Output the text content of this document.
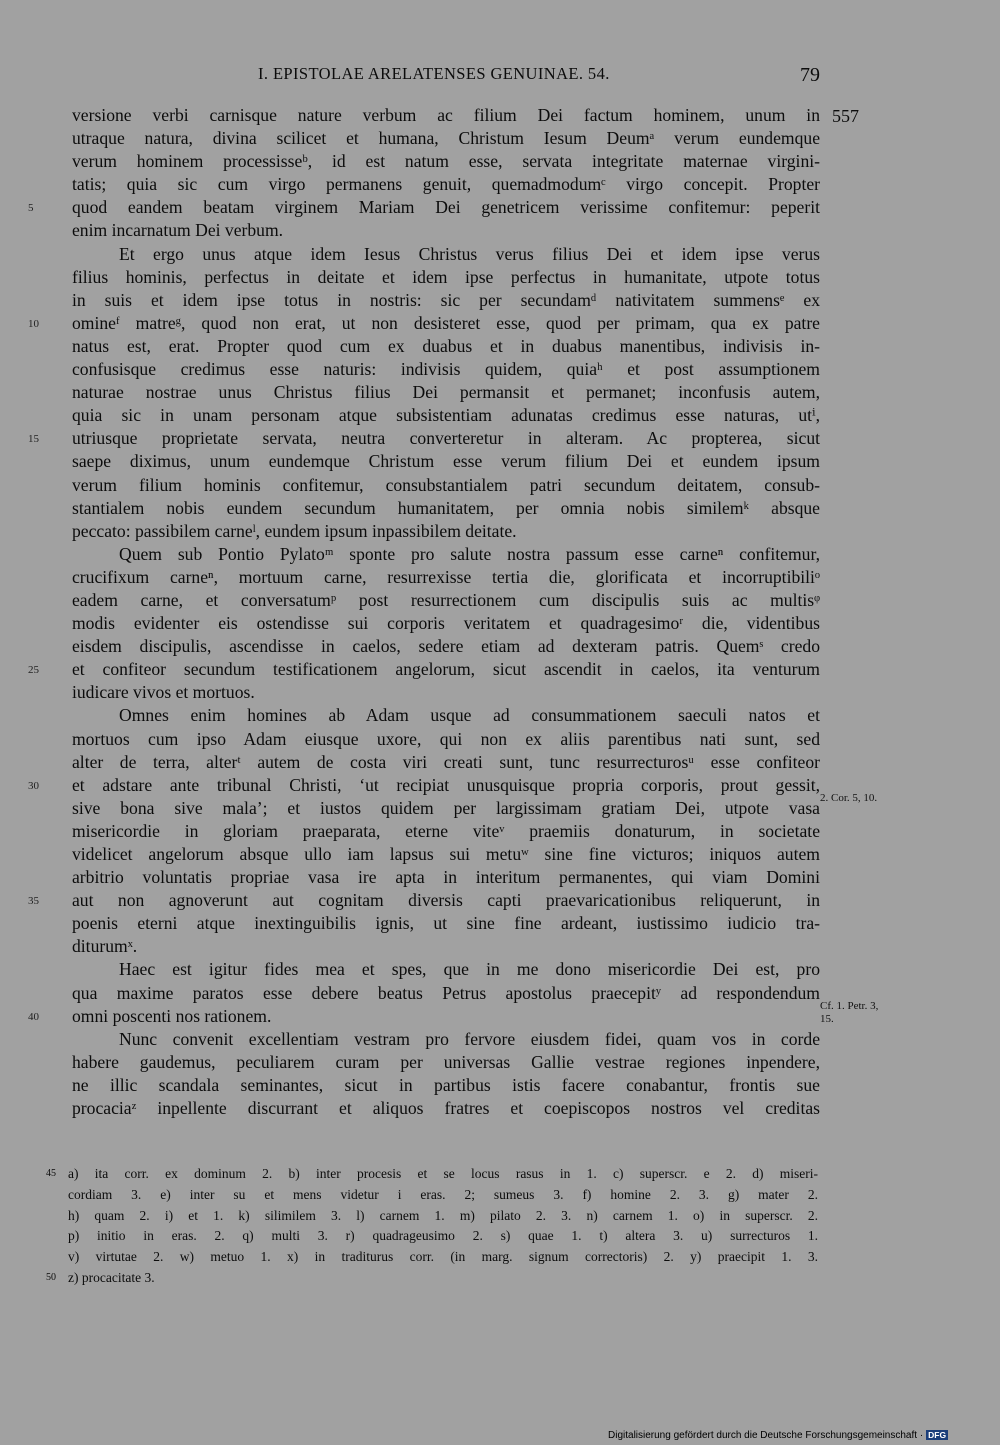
I. EPISTOLAE ARELATENSES GENUINAE. 54.	79
557
2. Cor. 5, 10.
Cf. 1. Petr. 3, 15.
versione verbi carnisque nature verbum ac filium Dei factum hominem, unum in
utraque natura, divina scilicet et humana, Christum Iesum Deumᵃ verum eundemque
verum hominem processisseᵇ, id est natum esse, servata integritate maternae virgini-
tatis; quia sic cum virgo permanens genuit, quemadmodumᶜ virgo concepit. Propter
5	quod eandem beatam virginem Mariam Dei genetricem verissime confitemur: peperit
enim incarnatum Dei verbum.
Et ergo unus atque idem Iesus Christus verus filius Dei et idem ipse verus
filius hominis, perfectus in deitate et idem ipse perfectus in humanitate, utpote totus
in suis et idem ipse totus in nostris: sic per secundamᵈ nativitatem summensᵉ ex
10	omineᶠ matreᵍ, quod non erat, ut non desisteret esse, quod per primam, qua ex patre
natus est, erat. Propter quod cum ex duabus et in duabus manentibus, indivisis in-
confusisque credimus esse naturis: indivisis quidem, quiaʰ et post assumptionem
naturae nostrae unus Christus filius Dei permansit et permanet; inconfusis autem,
quia sic in unam personam atque subsistentiam adunatas credimus esse naturas, utⁱ,
15	utriusque proprietate servata, neutra converteretur in alteram. Ac propterea, sicut
saepe diximus, unum eundemque Christum esse verum filium Dei et eundem ipsum
verum filium hominis confitemur, consubstantialem patri secundum deitatem, consub-
stantialem nobis eundem secundum humanitatem, per omnia nobis similemᵏ absque
peccato: passibilem carneˡ, eundem ipsum inpassibilem deitate.
Quem sub Pontio Pylatoᵐ sponte pro salute nostra passum esse carneⁿ confitemur,
crucifixum carneⁿ, mortuum carne, resurrexisse tertia die, glorificata et incorruptibiliᵒ
eadem carne, et conversatumᵖ post resurrectionem cum discipulis suis ac multisᵠ
modis evidenter eis ostendisse sui corporis veritatem et quadragesimoʳ die, videntibus
eisdem discipulis, ascendisse in caelos, sedere etiam ad dexteram patris. Quemˢ credo
25	et confiteor secundum testificationem angelorum, sicut ascendit in caelos, ita venturum
iudicare vivos et mortuos.
Omnes enim homines ab Adam usque ad consummationem saeculi natos et
mortuos cum ipso Adam eiusque uxore, qui non ex aliis parentibus nati sunt, sed
alter de terra, alterᵗ autem de costa viri creati sunt, tunc resurrecturosᵘ esse confiteor
30	et adstare ante tribunal Christi, ‘ut recipiat unusquisque propria corporis, prout gessit,
sive bona sive mala’; et iustos quidem per largissimam gratiam Dei, utpote vasa
misericordie in gloriam praeparata, eterne viteᵛ praemiis donaturum, in societate
videlicet angelorum absque ullo iam lapsus sui metuʷ sine fine victuros; iniquos autem
arbitrio voluntatis propriae vasa ire apta in interitum permanentes, qui viam Domini
35	aut non agnoverunt aut cognitam diversis capti praevaricationibus reliquerunt, in
poenis eterni atque inextinguibilis ignis, ut sine fine ardeant, iustissimo iudicio tra-
diturumˣ.
Haec est igitur fides mea et spes, que in me dono misericordie Dei est, pro
qua maxime paratos esse debere beatus Petrus apostolus praecepitʸ ad respondendum
40	omni poscenti nos rationem.
Nunc convenit excellentiam vestram pro fervore eiusdem fidei, quam vos in corde
habere gaudemus, peculiarem curam per universas Gallie vestrae regiones inpendere,
ne illic scandala seminantes, sicut in partibus istis facere conabantur, frontis sue
procaciaᶻ inpellente discurrant et aliquos fratres et coepiscopos nostros vel creditas
45 a) ita corr. ex dominum 2. b) inter procesis et se locus rasus in 1. c) superscr. e 2. d) miseri-
cordiam 3. e) inter su et mens videtur i eras. 2; sumeus 3. f) homine 2. 3. g) mater 2.
h) quam 2. i) et 1. k) silimilem 3. l) carnem 1. m) pilato 2. 3. n) carnem 1. o) in superscr. 2.
p) initio in eras. 2. q) multi 3. r) quadrageusimo 2. s) quae 1. t) altera 3. u) surrecturos 1.
v) virtutae 2. w) metuo 1. x) in traditurus corr. (in marg. signum correctoris) 2. y) praecipit 1. 3.
50 z) procacitate 3.
Digitalisierung gefördert durch die Deutsche Forschungsgemeinschaft · DFG
